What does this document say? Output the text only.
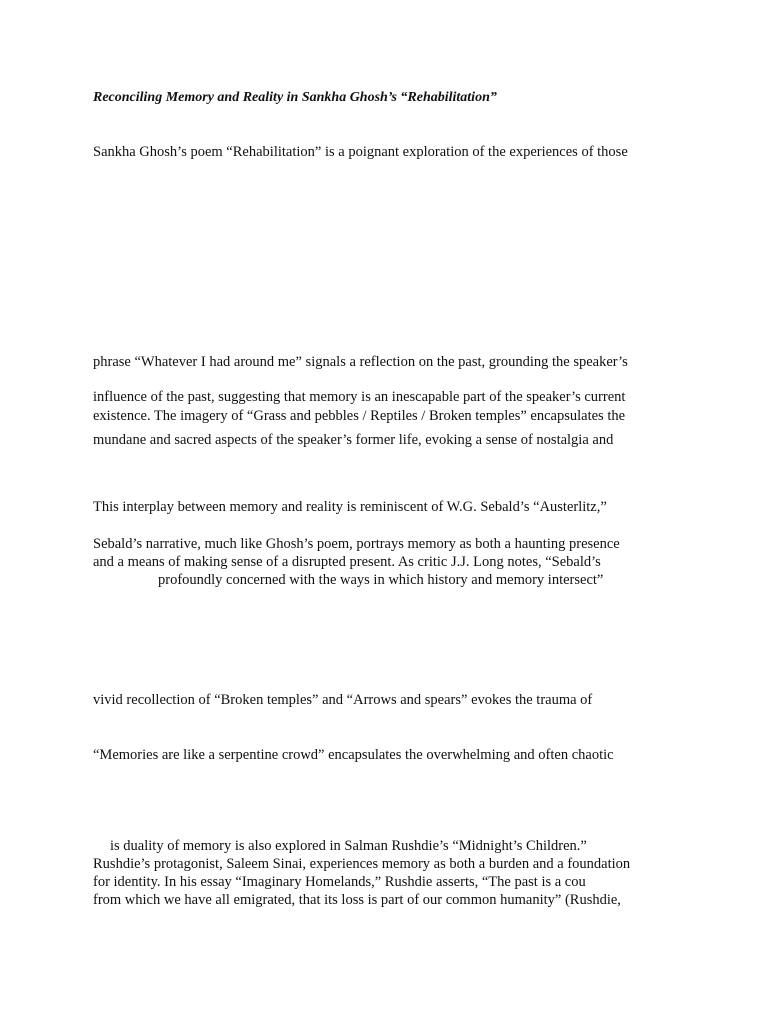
Reconciling Memory and Reality in Sankha Ghosh’s “Rehabilitation”
Sankha Ghosh’s poem “Rehabilitation” is a poignant exploration of the experiences of those
phrase “Whatever I had around me” signals a reflection on the past, grounding the speaker’s
influence of the past, suggesting that memory is an inescapable part of the speaker’s current
existence. The imagery of “Grass and pebbles / Reptiles / Broken temples” encapsulates the
mundane and sacred aspects of the speaker’s former life, evoking a sense of nostalgia and
This interplay between memory and reality is reminiscent of W.G. Sebald’s “Austerlitz,”
Sebald’s narrative, much like Ghosh’s poem, portrays memory as both a haunting presence
and a means of making sense of a disrupted present. As critic J.J. Long notes, “Sebald’s
profoundly concerned with the ways in which history and memory intersect”
vivid recollection of “Broken temples” and “Arrows and spears” evokes the trauma of
“Memories are like a serpentine crowd” encapsulates the overwhelming and often chaotic
is duality of memory is also explored in Salman Rushdie’s “Midnight’s Children.”
Rushdie’s protagonist, Saleem Sinai, experiences memory as both a burden and a foundation
for identity. In his essay “Imaginary Homelands,” Rushdie asserts, “The past is a cou
from which we have all emigrated, that its loss is part of our common humanity” (Rushdie,
